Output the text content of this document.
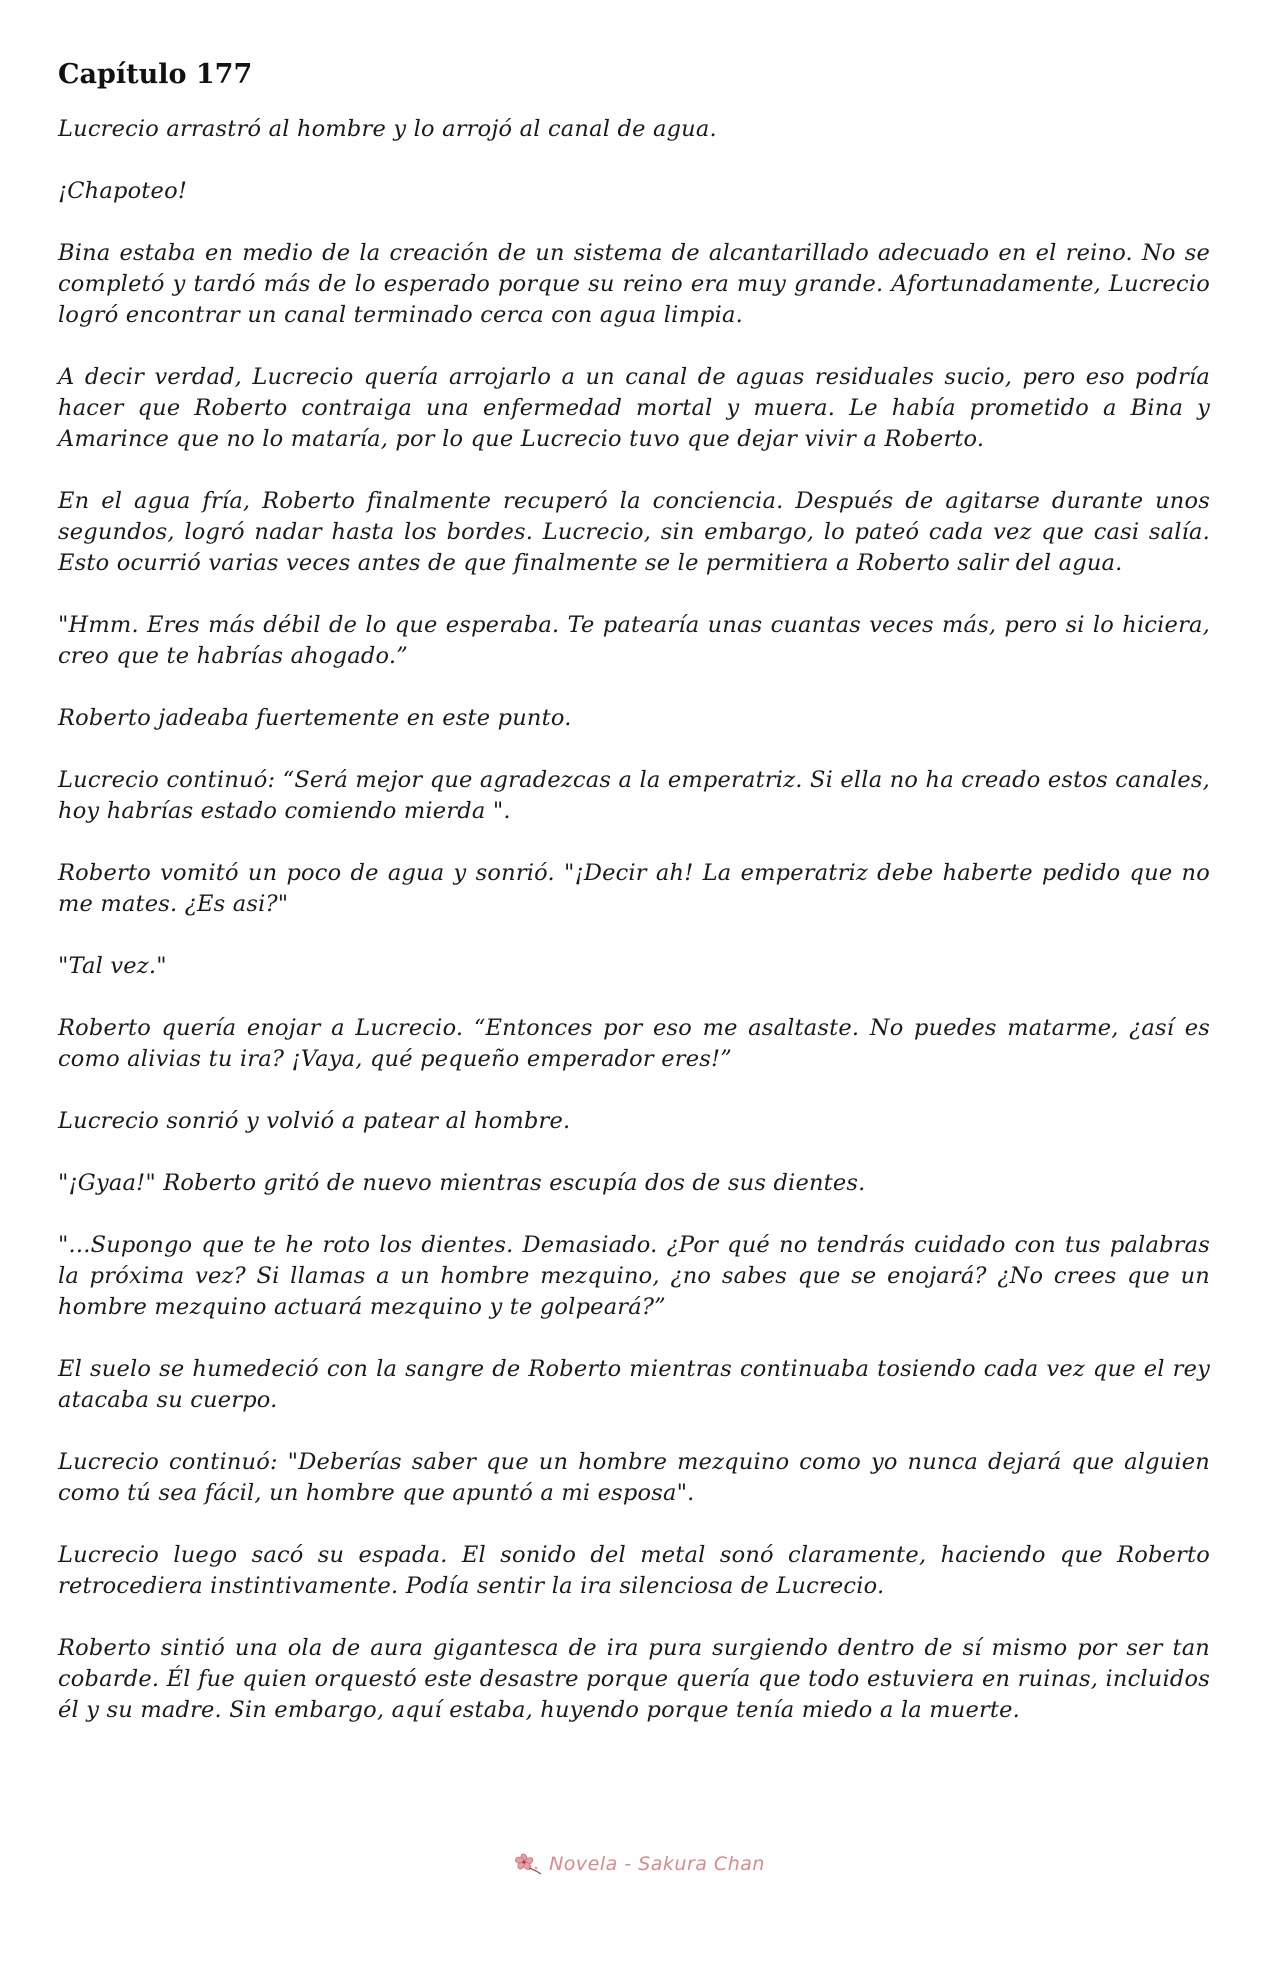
Capítulo 177

Lucrecio arrastró al hombre y lo arrojó al canal de agua.

¡Chapoteo!

Bina estaba en medio de la creación de un sistema de alcantarillado adecuado en el reino. No se completó y tardó más de lo esperado porque su reino era muy grande. Afortunadamente, Lucrecio logró encontrar un canal terminado cerca con agua limpia.

A decir verdad, Lucrecio quería arrojarlo a un canal de aguas residuales sucio, pero eso podría hacer que Roberto contraiga una enfermedad mortal y muera. Le había prometido a Bina y Amarince que no lo mataría, por lo que Lucrecio tuvo que dejar vivir a Roberto.

En el agua fría, Roberto finalmente recuperó la conciencia. Después de agitarse durante unos segundos, logró nadar hasta los bordes. Lucrecio, sin embargo, lo pateó cada vez que casi salía. Esto ocurrió varias veces antes de que finalmente se le permitiera a Roberto salir del agua.

"Hmm. Eres más débil de lo que esperaba. Te patearía unas cuantas veces más, pero si lo hiciera, creo que te habrías ahogado.”

Roberto jadeaba fuertemente en este punto.

Lucrecio continuó: “Será mejor que agradezcas a la emperatriz. Si ella no ha creado estos canales, hoy habrías estado comiendo mierda ".

Roberto vomitó un poco de agua y sonrió. "¡Decir ah! La emperatriz debe haberte pedido que no me mates. ¿Es asi?"

"Tal vez."

Roberto quería enojar a Lucrecio. “Entonces por eso me asaltaste. No puedes matarme, ¿así es como alivias tu ira? ¡Vaya, qué pequeño emperador eres!”

Lucrecio sonrió y volvió a patear al hombre.

"¡Gyaa!" Roberto gritó de nuevo mientras escupía dos de sus dientes.

"...Supongo que te he roto los dientes. Demasiado. ¿Por qué no tendrás cuidado con tus palabras la próxima vez? Si llamas a un hombre mezquino, ¿no sabes que se enojará? ¿No crees que un hombre mezquino actuará mezquino y te golpeará?”

El suelo se humedeció con la sangre de Roberto mientras continuaba tosiendo cada vez que el rey atacaba su cuerpo.

Lucrecio continuó: "Deberías saber que un hombre mezquino como yo nunca dejará que alguien como tú sea fácil, un hombre que apuntó a mi esposa".

Lucrecio luego sacó su espada. El sonido del metal sonó claramente, haciendo que Roberto retrocediera instintivamente. Podía sentir la ira silenciosa de Lucrecio.

Roberto sintió una ola de aura gigantesca de ira pura surgiendo dentro de sí mismo por ser tan cobarde. Él fue quien orquestó este desastre porque quería que todo estuviera en ruinas, incluidos él y su madre. Sin embargo, aquí estaba, huyendo porque tenía miedo a la muerte.

Novela - Sakura Chan
